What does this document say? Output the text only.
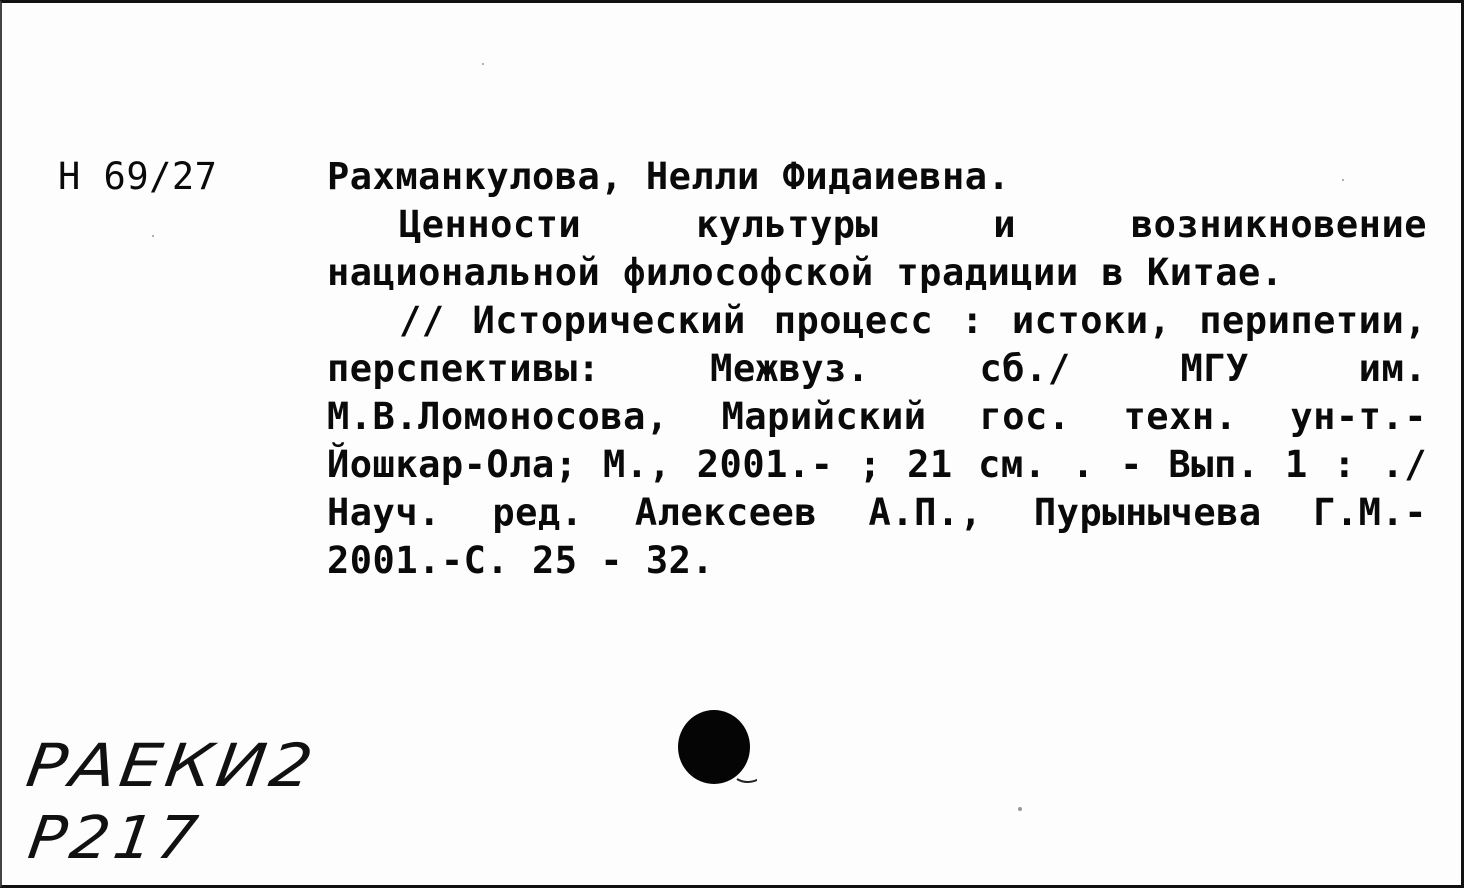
Н 69/27	Рахманкулова, Нелли Фидаиевна.

Ценности культуры и возникновение национальной философской традиции в Китае.

// Исторический процесс : истоки, перипетии, перспективы: Межвуз. сб./ МГУ им. М.В.Ломоносова, Марийский гос. техн. ун-т.- Йошкар-Ола; М., 2001.- ; 21 см. . - Вып. 1 : ./ Науч. ред. Алексеев А.П., Пурынычева Г.М.- 2001.-С. 25 - 32.

РАЕКИ2

Р217
